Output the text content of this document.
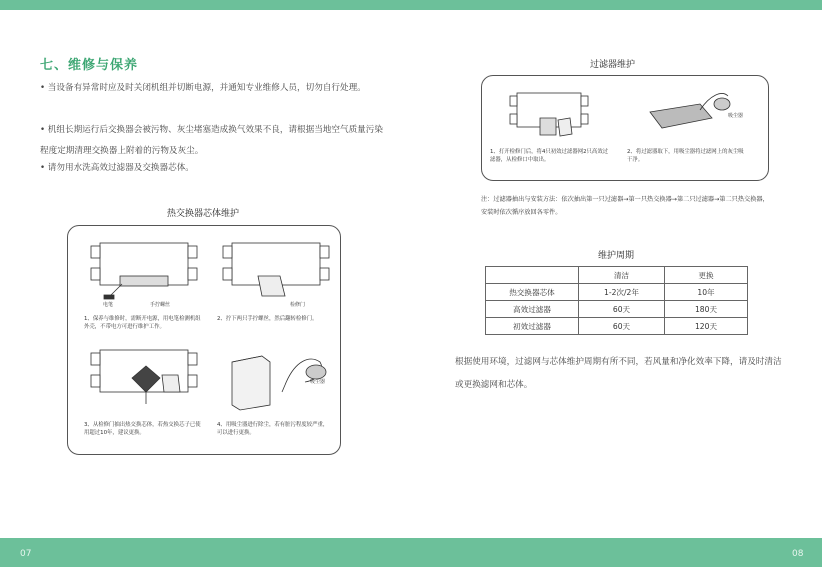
七、维修与保养
• 当设备有异常时应及时关闭机组并切断电源，并通知专业维修人员，切勿自行处理。
• 机组长期运行后交换器会被污物、灰尘堵塞造成换气效果不良，请根据当地空气质量污染程度定期清理交换器上附着的污物及灰尘。
• 请勿用水洗高效过滤器及交换器芯体。
热交换器芯体维护
电笔	手拧螺丝	检修门
吸尘器
1、保养与维修时，需断开电源，用电笔检测机组外壳，不带电方可进行维护工作。
2、拧下两只手拧螺丝，然后翻转检修门。
3、从检修门抽出热交换芯体，若热交换芯子已使用超过10年，建议更换。
4、用吸尘器进行除尘，若有脏污程度较严重，可以进行更换。
过滤器维护
吸尘器
1、打开检修门后，将4只初效过滤器网2只高效过滤器，从检修口中取出。
2、将过滤器取下，用吸尘器将过滤网上的灰尘吸干净。
注：过滤器抽出与安装方法：依次抽出第一只过滤器→第一只热交换器→第二只过滤器→第二只热交换器，安装时依次循序放回各零件。
维护周期
	清洁	更换
热交换器芯体	1-2次/2年	10年
高效过滤器	60天	180天
初效过滤器	60天	120天
根据使用环境，过滤网与芯体维护周期有所不同，若风量和净化效率下降，请及时清洁或更换滤网和芯体。
07	08
